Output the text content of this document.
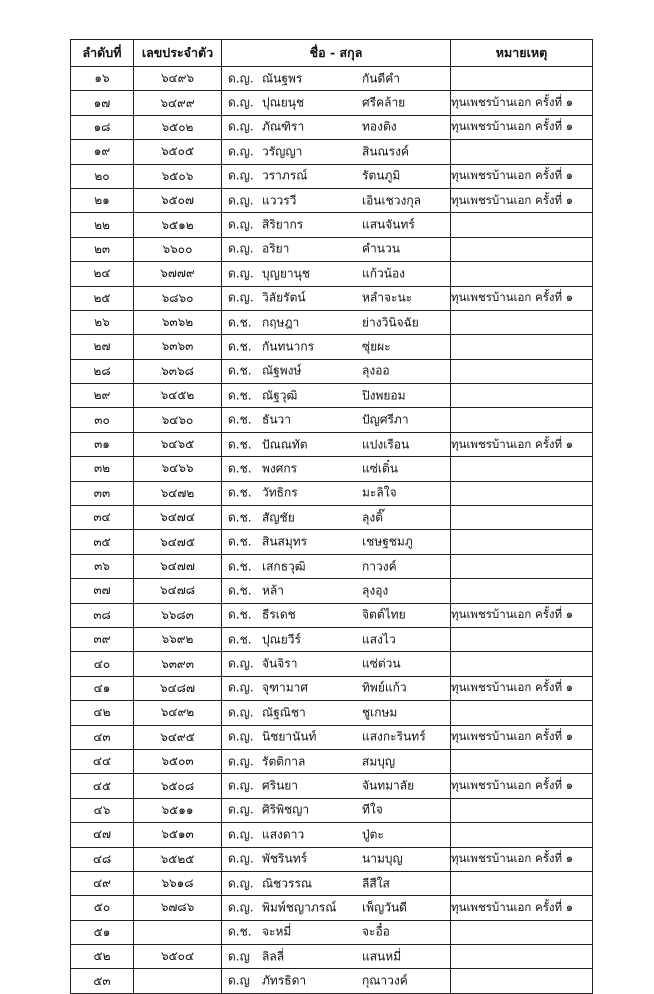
ลำดับที่	เลขประจำตัว	ชื่อ - สกุล	หมายเหตุ
๑๖	๖๔๙๖	ด.ญ. ณันฐพร กันดีคำ	

๑๗	๖๔๙๙	ด.ญ. ปุณยนุช ศรีคล้าย	ทุนเพชรบ้านเอก ครั้งที่ ๑
๑๘	๖๕๐๒	ด.ญ. ภัณฑิรา ทองติง	ทุนเพชรบ้านเอก ครั้งที่ ๑
๑๙	๖๕๐๕	ด.ญ. วรัญญา สินณรงค์	

๒๐	๖๕๐๖	ด.ญ. วราภรณ์ รัตนภูมิ	ทุนเพชรบ้านเอก ครั้งที่ ๑
๒๑	๖๕๐๗	ด.ญ. แววรวี เอินเชวงกุล	ทุนเพชรบ้านเอก ครั้งที่ ๑
๒๒	๖๕๑๒	ด.ญ. สิริยากร แสนจันทร์	

๒๓	๖๖๐๐	ด.ญ. อริยา คำนวน	

๒๔	๖๗๗๙	ด.ญ. บุญยานุช แก้วน้อง	

๒๕	๖๘๖๐	ด.ญ. วิลัยรัตน์ หลำจะนะ	ทุนเพชรบ้านเอก ครั้งที่ ๑
๒๖	๖๓๖๒	ด.ช. กฤษฎา ย่างวินิจฉัย	

๒๗	๖๓๖๓	ด.ช. กันทนากร ซุ่ยผะ	

๒๘	๖๓๖๘	ด.ช. ณัฐพงษ์ ลุงออ	

๒๙	๖๔๕๒	ด.ช. ณัฐวุฒิ ปิงพยอม	

๓๐	๖๔๖๐	ด.ช. ธันวา ปัญศรีภา	

๓๑	๖๔๖๕	ด.ช. ปัณณทัต แปงเรือน	ทุนเพชรบ้านเอก ครั้งที่ ๑
๓๒	๖๔๖๖	ด.ช. พงศกร แซ่เติ๋น	

๓๓	๖๔๗๒	ด.ช. วัทธิกร มะลิใจ	

๓๔	๖๔๗๔	ด.ช. สัญชัย ลุงติ๊	

๓๕	๖๔๗๕	ด.ช. สินสมุทร เชษฐชมภู	

๓๖	๖๔๗๗	ด.ช. เสกธวุฒิ กาวงค์	

๓๗	๖๔๗๘	ด.ช. หล้า ลุงอุง	

๓๘	๖๖๘๓	ด.ช. ธีรเดช จิตต์ไทย	ทุนเพชรบ้านเอก ครั้งที่ ๑
๓๙	๖๖๙๒	ด.ช. ปุณยวีร์ แสงไว	

๔๐	๖๓๙๓	ด.ญ. จันจิรา แซ่ต่วน	

๔๑	๖๔๘๗	ด.ญ. จุฑามาศ ทิพย์แก้ว	ทุนเพชรบ้านเอก ครั้งที่ ๑
๔๒	๖๔๙๒	ด.ญ. ณัฐณิชา ชูเกษม	

๔๓	๖๔๙๕	ด.ญ. นิชยานันท์ แสงกะรินทร์	ทุนเพชรบ้านเอก ครั้งที่ ๑
๔๔	๖๕๐๓	ด.ญ. รัตติกาล สมบุญ	

๔๕	๖๕๐๘	ด.ญ. ศรินยา จันทมาลัย	ทุนเพชรบ้านเอก ครั้งที่ ๑
๔๖	๖๕๑๑	ด.ญ. ศิริพิชญา ทีใจ	

๔๗	๖๕๑๓	ด.ญ. แสงดาว ปู่ตะ	

๔๘	๖๕๒๕	ด.ญ. พัชรินทร์ นามบุญ	ทุนเพชรบ้านเอก ครั้งที่ ๑
๔๙	๖๖๑๘	ด.ญ. ณิชวรรณ ลีสีใส	

๕๐	๖๗๘๖	ด.ญ. พิมพ์ชญาภรณ์ เพ็ญวันดี	ทุนเพชรบ้านเอก ครั้งที่ ๑
๕๑		ด.ช. จะหมี่ จะอื๋อ	

๕๒	๖๕๐๔	ด.ญ ลิลลี่ แสนหมี่	

๕๓		ด.ญ ภัทรธิดา กุณาวงค์	
